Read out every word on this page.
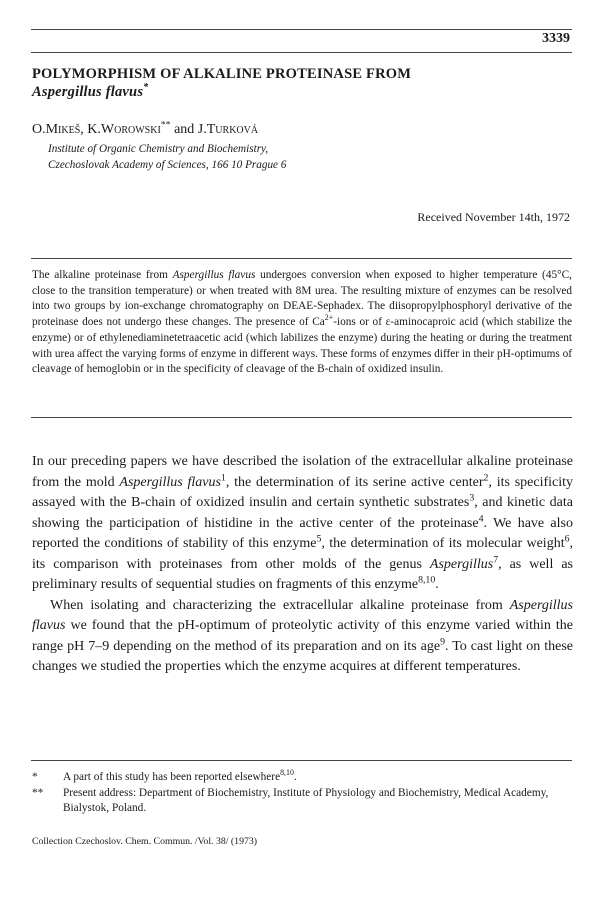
3339
POLYMORPHISM OF ALKALINE PROTEINASE FROM
Aspergillus flavus*
O.Mikeš, K.Worowski** and J.Turková
Institute of Organic Chemistry and Biochemistry,
Czechoslovak Academy of Sciences, 166 10 Prague 6
Received November 14th, 1972
The alkaline proteinase from Aspergillus flavus undergoes conversion when exposed to higher temperature (45°C, close to the transition temperature) or when treated with 8M urea. The resulting mixture of enzymes can be resolved into two groups by ion-exchange chromatography on DEAE-Sephadex. The diisopropylphosphoryl derivative of the proteinase does not undergo these changes. The presence of $Ca^{2+}$-ions or of ε-aminocaproic acid (which stabilize the enzyme) or of ethylenediaminetetraacetic acid (which labilizes the enzyme) during the heating or during the treatment with urea affect the varying forms of enzyme in different ways. These forms of enzymes differ in their pH-optimums of cleavage of hemoglobin or in the specificity of cleavage of the B-chain of oxidized insulin.

In our preceding papers we have described the isolation of the extracellular alkaline proteinase from the mold Aspergillus flavus$^1$, the determination of its serine active center$^2$, its specificity assayed with the B-chain of oxidized insulin and certain synthetic substrates$^3$, and kinetic data showing the participation of histidine in the active center of the proteinase$^4$. We have also reported the conditions of stability of this enzyme$^5$, the determination of its molecular weight$^6$, its comparison with proteinases from other molds of the genus Aspergillus$^7$, as well as preliminary results of sequential studies on fragments of this enzyme$^{8,10}$.

When isolating and characterizing the extracellular alkaline proteinase from Aspergillus flavus we found that the pH-optimum of proteolytic activity of this enzyme varied within the range pH 7–9 depending on the method of its preparation and on its age$^9$. To cast light on these changes we studied the properties which the enzyme acquires at different temperatures.

*	A part of this study has been reported elsewhere$^{8,10}$.
**	Present address: Department of Biochemistry, Institute of Physiology and Biochemistry, Medical Academy, Bialystok, Poland.
Collection Czechoslov. Chem. Commun. /Vol. 38/ (1973)
